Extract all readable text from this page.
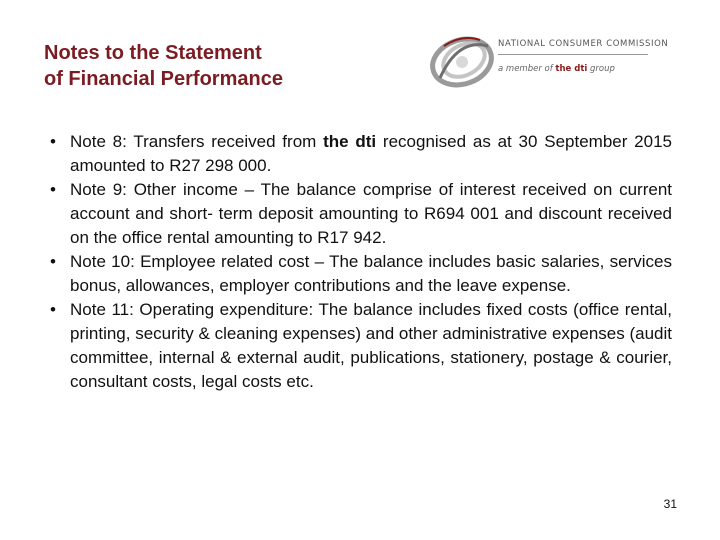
Notes to the Statement
of Financial Performance
NATIONAL CONSUMER COMMISSION
a member of the dti group
• Note 8: Transfers received from the dti recognised as at 30 September 2015 amounted to R27 298 000.
• Note 9: Other income – The balance comprise of interest received on current account and short- term deposit amounting to R694 001 and discount received on the office rental amounting to R17 942.
• Note 10: Employee related cost – The balance includes basic salaries, services bonus, allowances, employer contributions and the leave expense.
• Note 11: Operating expenditure: The balance includes fixed costs (office rental, printing, security & cleaning expenses) and other administrative expenses (audit committee, internal & external audit, publications, stationery, postage & courier, consultant costs, legal costs etc.
31
